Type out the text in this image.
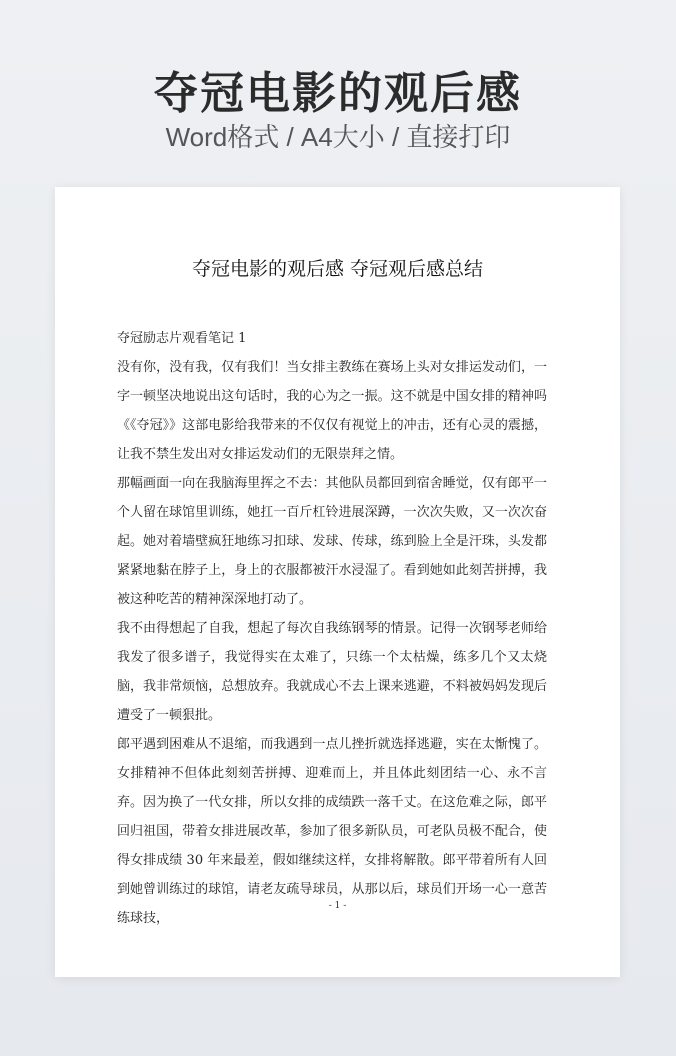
夺冠电影的观后感
Word格式 / A4大小 / 直接打印
夺冠电影的观后感 夺冠观后感总结

夺冠励志片观看笔记 1

没有你，没有我，仅有我们！当女排主教练在赛场上头对女排运发动们，一字一顿坚决地说出这句话时，我的心为之一振。这不就是中国女排的精神吗《《夺冠》》这部电影给我带来的不仅仅有视觉上的冲击，还有心灵的震撼，让我不禁生发出对女排运发动们的无限崇拜之情。

那幅画面一向在我脑海里挥之不去：其他队员都回到宿舍睡觉，仅有郎平一个人留在球馆里训练，她扛一百斤杠铃进展深蹲，一次次失败，又一次次奋起。她对着墙壁疯狂地练习扣球、发球、传球，练到脸上全是汗珠，头发都紧紧地黏在脖子上，身上的衣服都被汗水浸湿了。看到她如此刻苦拼搏，我被这种吃苦的精神深深地打动了。

我不由得想起了自我，想起了每次自我练钢琴的情景。记得一次钢琴老师给我发了很多谱子，我觉得实在太难了，只练一个太枯燥，练多几个又太烧脑，我非常烦恼，总想放弃。我就成心不去上课来逃避，不料被妈妈发现后遭受了一顿狠批。

郎平遇到困难从不退缩，而我遇到一点儿挫折就选择逃避，实在太惭愧了。女排精神不但体此刻刻苦拼搏、迎难而上，并且体此刻团结一心、永不言弃。因为换了一代女排，所以女排的成绩跌一落千丈。在这危难之际，郎平回归祖国，带着女排进展改革，参加了很多新队员，可老队员极不配合，使得女排成绩 30 年来最差，假如继续这样，女排将解散。郎平带着所有人回到她曾训练过的球馆，请老友疏导球员，从那以后，球员们开场一心一意苦练球技，

- 1 -
